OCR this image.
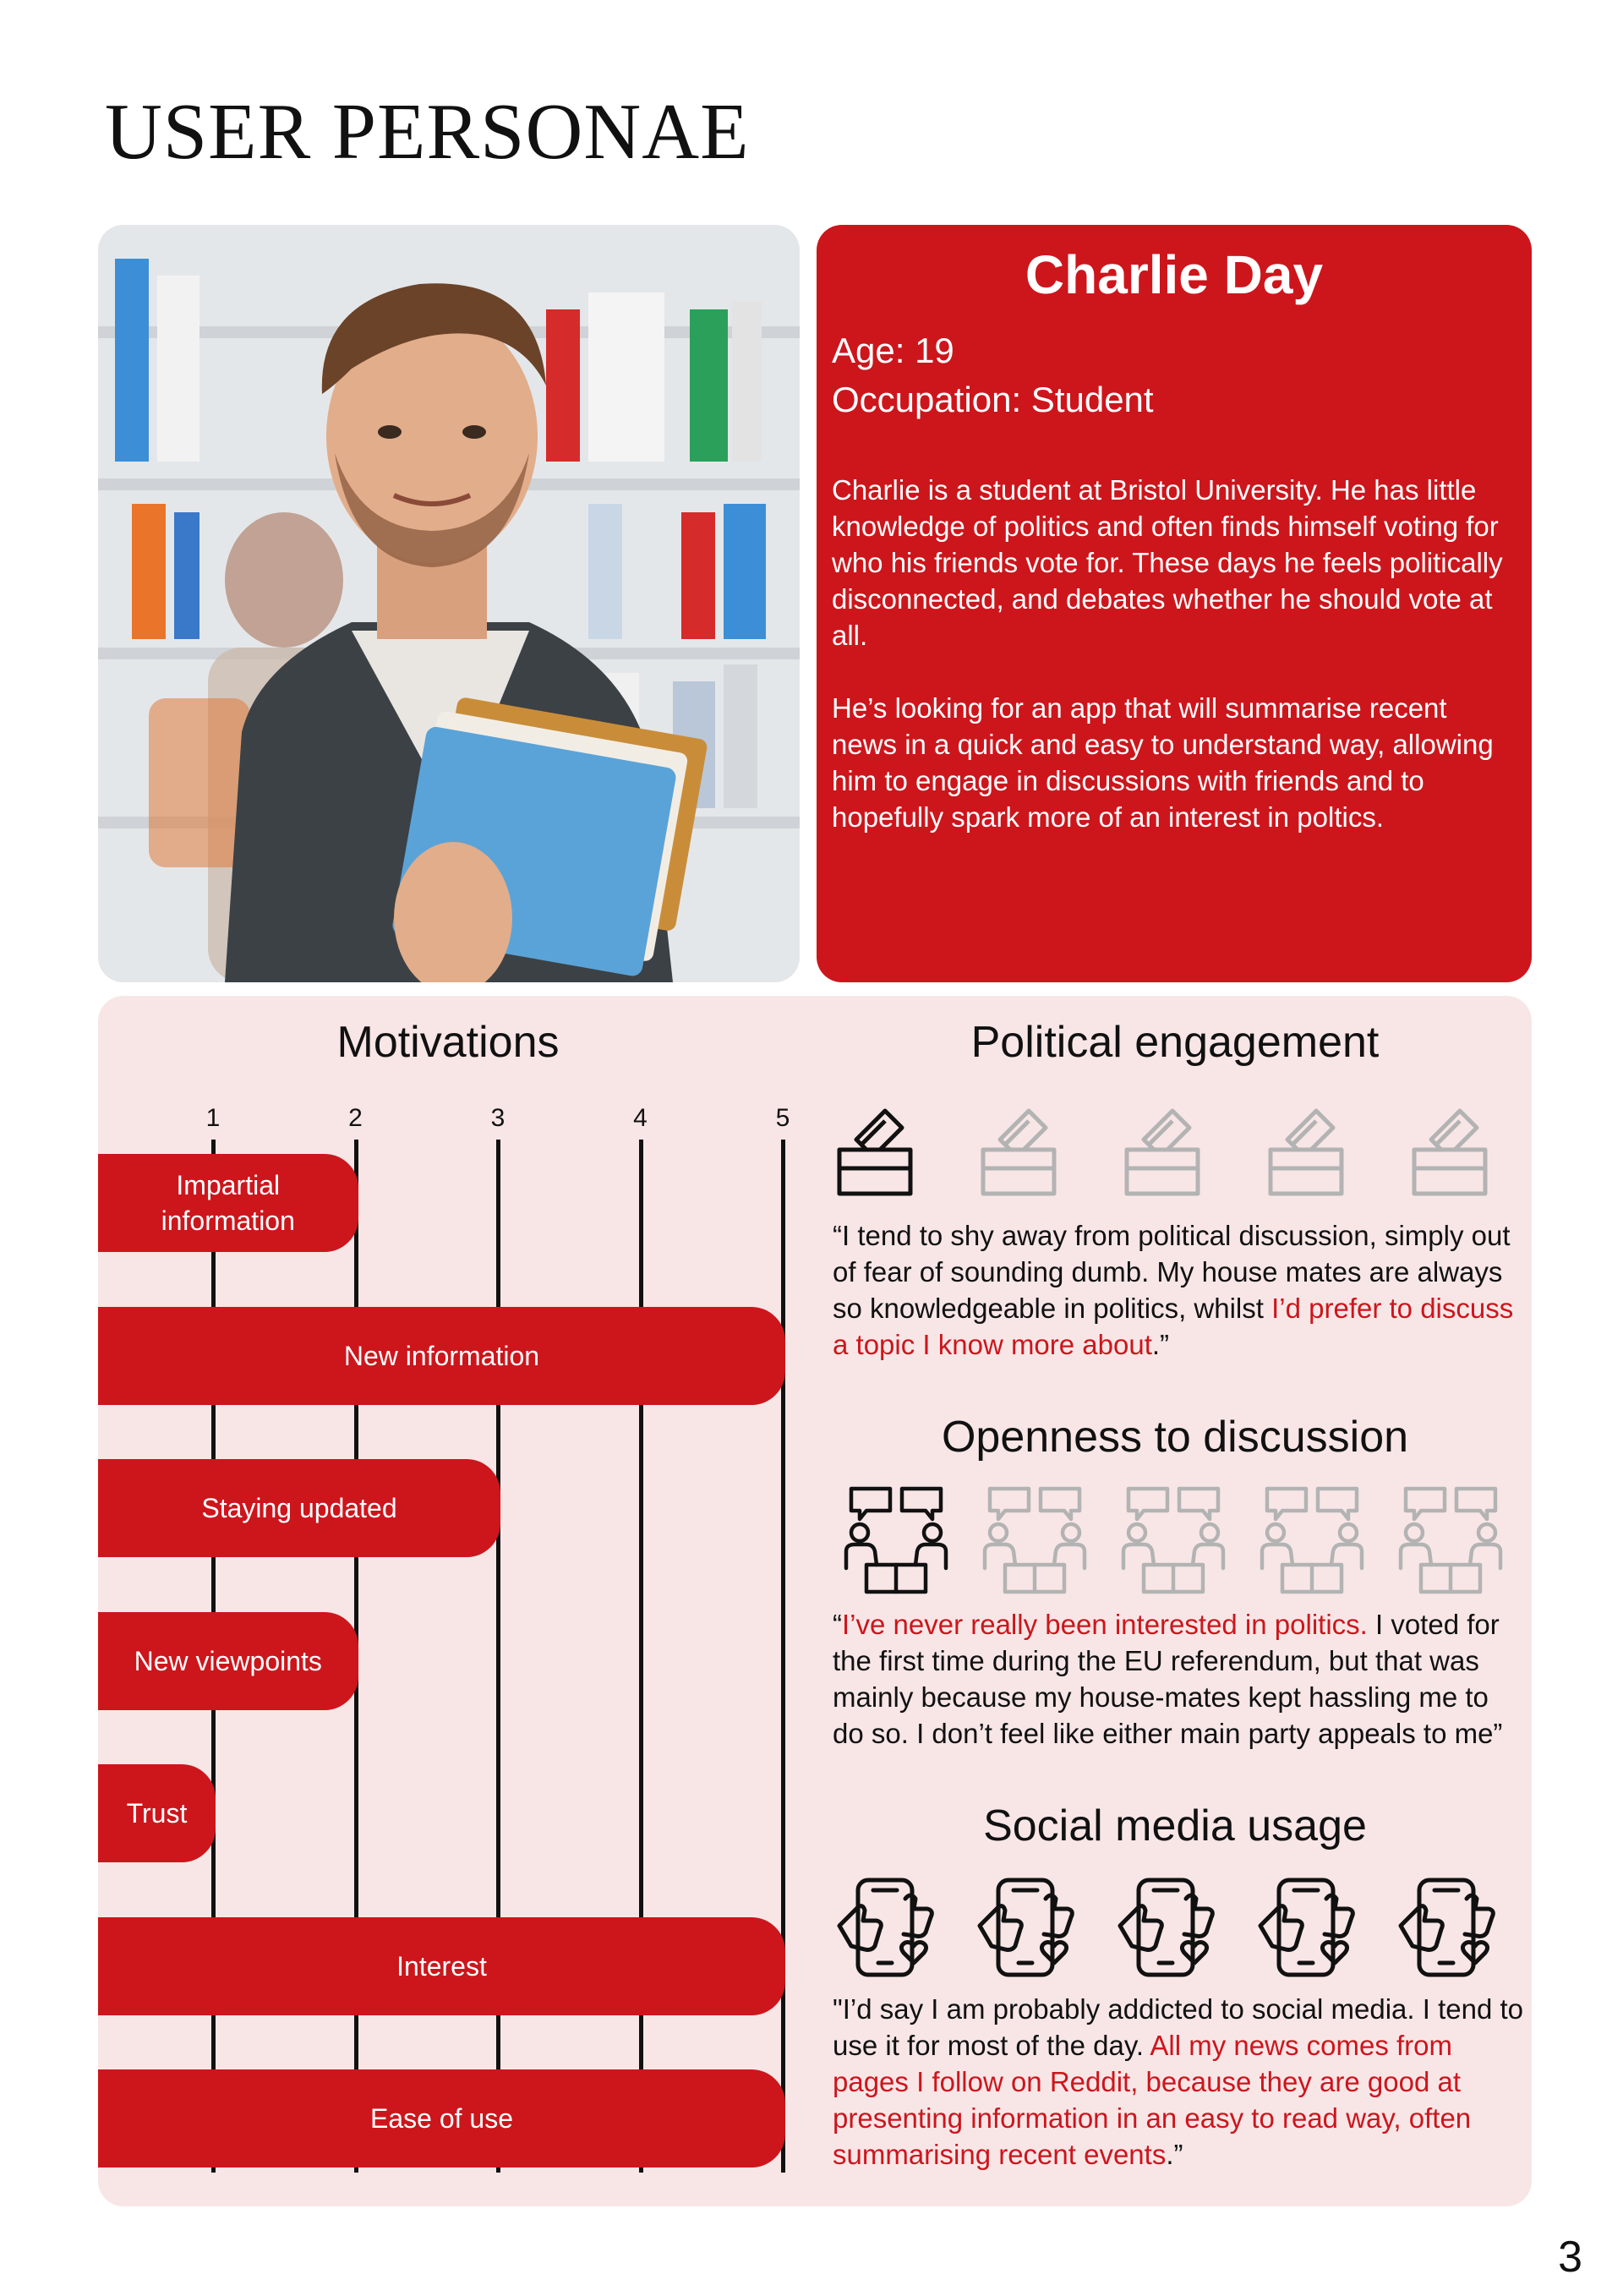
USER PERSONAE
Charlie Day
Age: 19
Occupation: Student
Charlie is a student at Bristol University. He has little knowledge of politics and often finds himself voting for who his friends vote for. These days he feels politically disconnected, and debates whether he should vote at all.
He’s looking for an app that will summarise recent news in a quick and easy to understand way, allowing him to engage in discussions with friends and to hopefully spark more of an interest in poltics.
Motivations
1	2	3	4	5
Impartial information
New information
Staying updated
New viewpoints
Trust
Interest
Ease of use
Political engagement
“I tend to shy away from political discussion, simply out of fear of sounding dumb. My house mates are always so knowledgeable in politics, whilst I’d prefer to discuss a topic I know more about.”
Openness to discussion
“I’ve never really been interested in politics. I voted for the first time during the EU referendum, but that was mainly because my house-mates kept hassling me to do so. I don’t feel like either main party appeals to me”
Social media usage
"I’d say I am probably addicted to social media. I tend to use it for most of the day. All my news comes from pages I follow on Reddit, because they are good at presenting information in an easy to read way, often summarising recent events.”
3
